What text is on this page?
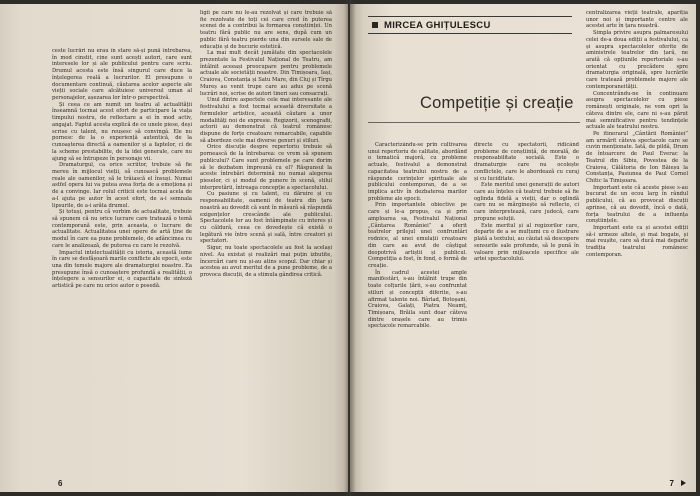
ceste lucrări nu erau în stare să-și pună întrebarea, în mod cinstit, cine sunt acești autori, care sunt interesele lor și ale publicului pentru care scriu. Drumul acesta este însă singurul care duce la înțelegerea reală a lucrurilor. El presupune o documentare continuă, căutarea acelor aspecte ale vieții sociale care alcătuiesc universul uman al personajelor, așezarea lor într-o perspectivă.

Și ceea ce am numit un teatru al actualității înseamnă tocmai acest efort de participare la viața timpului nostru, de reflectare a ei în mod activ, angajat. Faptul acesta explică de ce unele piese, deși scrise cu talent, nu reușesc să convingă. Ele nu pornesc de la o experiență autentică, de la cunoașterea directă a oamenilor și a faptelor, ci de la scheme prestabilite, de la idei generale, care nu ajung să se întrupeze în personaje vii.

Dramaturgul, ca orice scriitor, trebuie să fie mereu în mijlocul vieții, să cunoască problemele reale ale oamenilor, să le trăiască el însuși. Numai astfel opera lui va putea avea forța de a emoționa și de a convinge. Iar rolul criticii este tocmai acela de a-l ajuta pe autor în acest efort, de a-i semnala lipsurile, de a-i arăta drumul.

Și totuși, pentru că vorbim de actualitate, trebuie să spunem că nu orice lucrare care tratează o temă contemporană este, prin aceasta, o lucrare de actualitate. Actualitatea unei opere de artă ține de modul în care ea pune problemele, de adâncimea cu care le analizează, de puterea cu care le rezolvă.

Impactul intelectualității cu istoria, această lume în care se desfășoară marile conflicte ale epocii, este una din temele majore ale dramaturgiei noastre. Ea presupune însă o cunoaștere profundă a realității, o înțelegere a sensurilor ei, o capacitate de sinteză artistică pe care nu orice autor o posedă.

ligii pe care nu le-au rezolvat și care trebuie să fie rezolvate de toți cei care cred în puterea scenei de a contribui la formarea conștiinței. Un teatru fără public nu are sens, după cum un public fără teatru pierde una din sursele sale de educație și de bucurie estetică.

La mai mult decât jumătate din spectacolele prezentate la Festivalul Național de Teatru, am întâlnit aceeași preocupare pentru problemele actuale ale societății noastre. Din Timișoara, Iași, Craiova, Constanța și Satu Mare, din Cluj și Tîrgu Mureș au venit trupe care au adus pe scenă lucrări noi, scrise de autori tineri sau consacrați.

Unul dintre aspectele cele mai interesante ale festivalului a fost tocmai această diversitate a formulelor artistice, această căutare a unor modalități noi de expresie. Regizorii, scenografii, actorii au demonstrat că teatrul românesc dispune de forțe creatoare remarcabile, capabile să abordeze cele mai diverse genuri și stiluri.

Orice discuție despre repertoriu trebuie să pornească de la întrebarea: ce vrem să spunem publicului? Care sunt problemele pe care dorim să le dezbatem împreună cu el? Răspunsul la aceste întrebări determină nu numai alegerea pieselor, ci și modul de punere în scenă, stilul interpretării, întreaga concepție a spectacolului.

Cu pasiune și cu talent, cu dăruire și cu responsabilitate, oamenii de teatru din țara noastră au dovedit că sunt în măsură să răspundă exigențelor crescânde ale publicului. Spectacolele lor au fost întâmpinate cu interes și cu căldură, ceea ce dovedește că există o legătură vie între scenă și sală, între creatori și spectatori.

Sigur, nu toate spectacolele au fost la același nivel. Au existat și realizări mai puțin izbutite, încercări care nu și-au atins scopul. Dar chiar și acestea au avut meritul de a pune probleme, de a provoca discuții, de a stimula gândirea critică.

6
MIRCEA GHIȚULESCU
Competiție și creație

Caracterizându-se prin cultivarea unui repertoriu de calitate, abordând o tematică majoră, cu probleme actuale, festivalul a demonstrat capacitatea teatrului nostru de a răspunde cerințelor spirituale ale publicului contemporan, de a se implica activ în dezbaterea marilor probleme ale epocii.

Prin importantele obiective pe care și le-a propus, ca și prin amploarea sa, Festivalul Național „Cântarea României” a oferit teatrelor prilejul unei confruntări rodnice, al unei emulații creatoare din care au avut de câștigat deopotrivă artiștii și publicul. Competiția a fost, în fond, o formă de creație.

În cadrul acestei ample manifestări, s-au întâlnit trupe din toate colțurile țării, s-au confruntat stiluri și concepții diferite, s-au afirmat talente noi. Bârlad, Botoșani, Craiova, Galați, Piatra Neamț, Timișoara, Brăila sunt doar câteva dintre orașele care au trimis spectacole remarcabile.

directe cu spectatorii, ridicând probleme de conștiință, de morală, de responsabilitate socială. Este o dramaturgie care nu ocolește conflictele, care le abordează cu curaj și cu luciditate.

Este meritul unei generații de autori care au înțeles că teatrul trebuie să fie oglinda fidelă a vieții, dar o oglindă care nu se mărginește să reflecte, ci care interpretează, care judecă, care propune soluții.

Este meritul și al regizorilor care, departe de a se mulțumi cu o ilustrare plată a textului, au căutat să descopere sensurile sale profunde, să le pună în valoare prin mijloacele specifice ale artei spectacolului.

centralizarea vieții teatrale, apariția unor noi și importante centre ale acestei arte în țara noastră.

Simpla privire asupra palmaresului celei de-a doua ediții a festivalului, ca și asupra spectacolelor oferite de aministrele teatrelor din țară, ne arată că opțiunile repertoriale s-au orientat cu precădere spre dramaturgia originală, spre lucrările care tratează problemele majore ale contemporaneității.

Concentrându-ne în continuare asupra spectacolelor cu piese românești originale, ne vom opri la câteva dintre ele, care ni s-au părut mai semnificative pentru tendințele actuale ale teatrului nostru.

Pe itinerarul „Cântării României” am urmărit câteva spectacole care se cuvin menționate. Iată, de pildă, Drum de întoarcere de Paul Everac la Teatrul din Sibiu, Povestea de la Craiova, Călătoria de Ion Băieșu la Constanța, Pasiunea de Paul Cornel Chitic la Timișoara.

Important este că aceste piese s-au bucurat de un ecou larg în rândul publicului, că au provocat discuții aprinse, că au dovedit, încă o dată, forța teatrului de a influența conștiințele.

Important este ca și acestei ediții să-i urmeze altele, și mai bogate, și mai reușite, care să ducă mai departe tradiția teatrului românesc contemporan.

7
